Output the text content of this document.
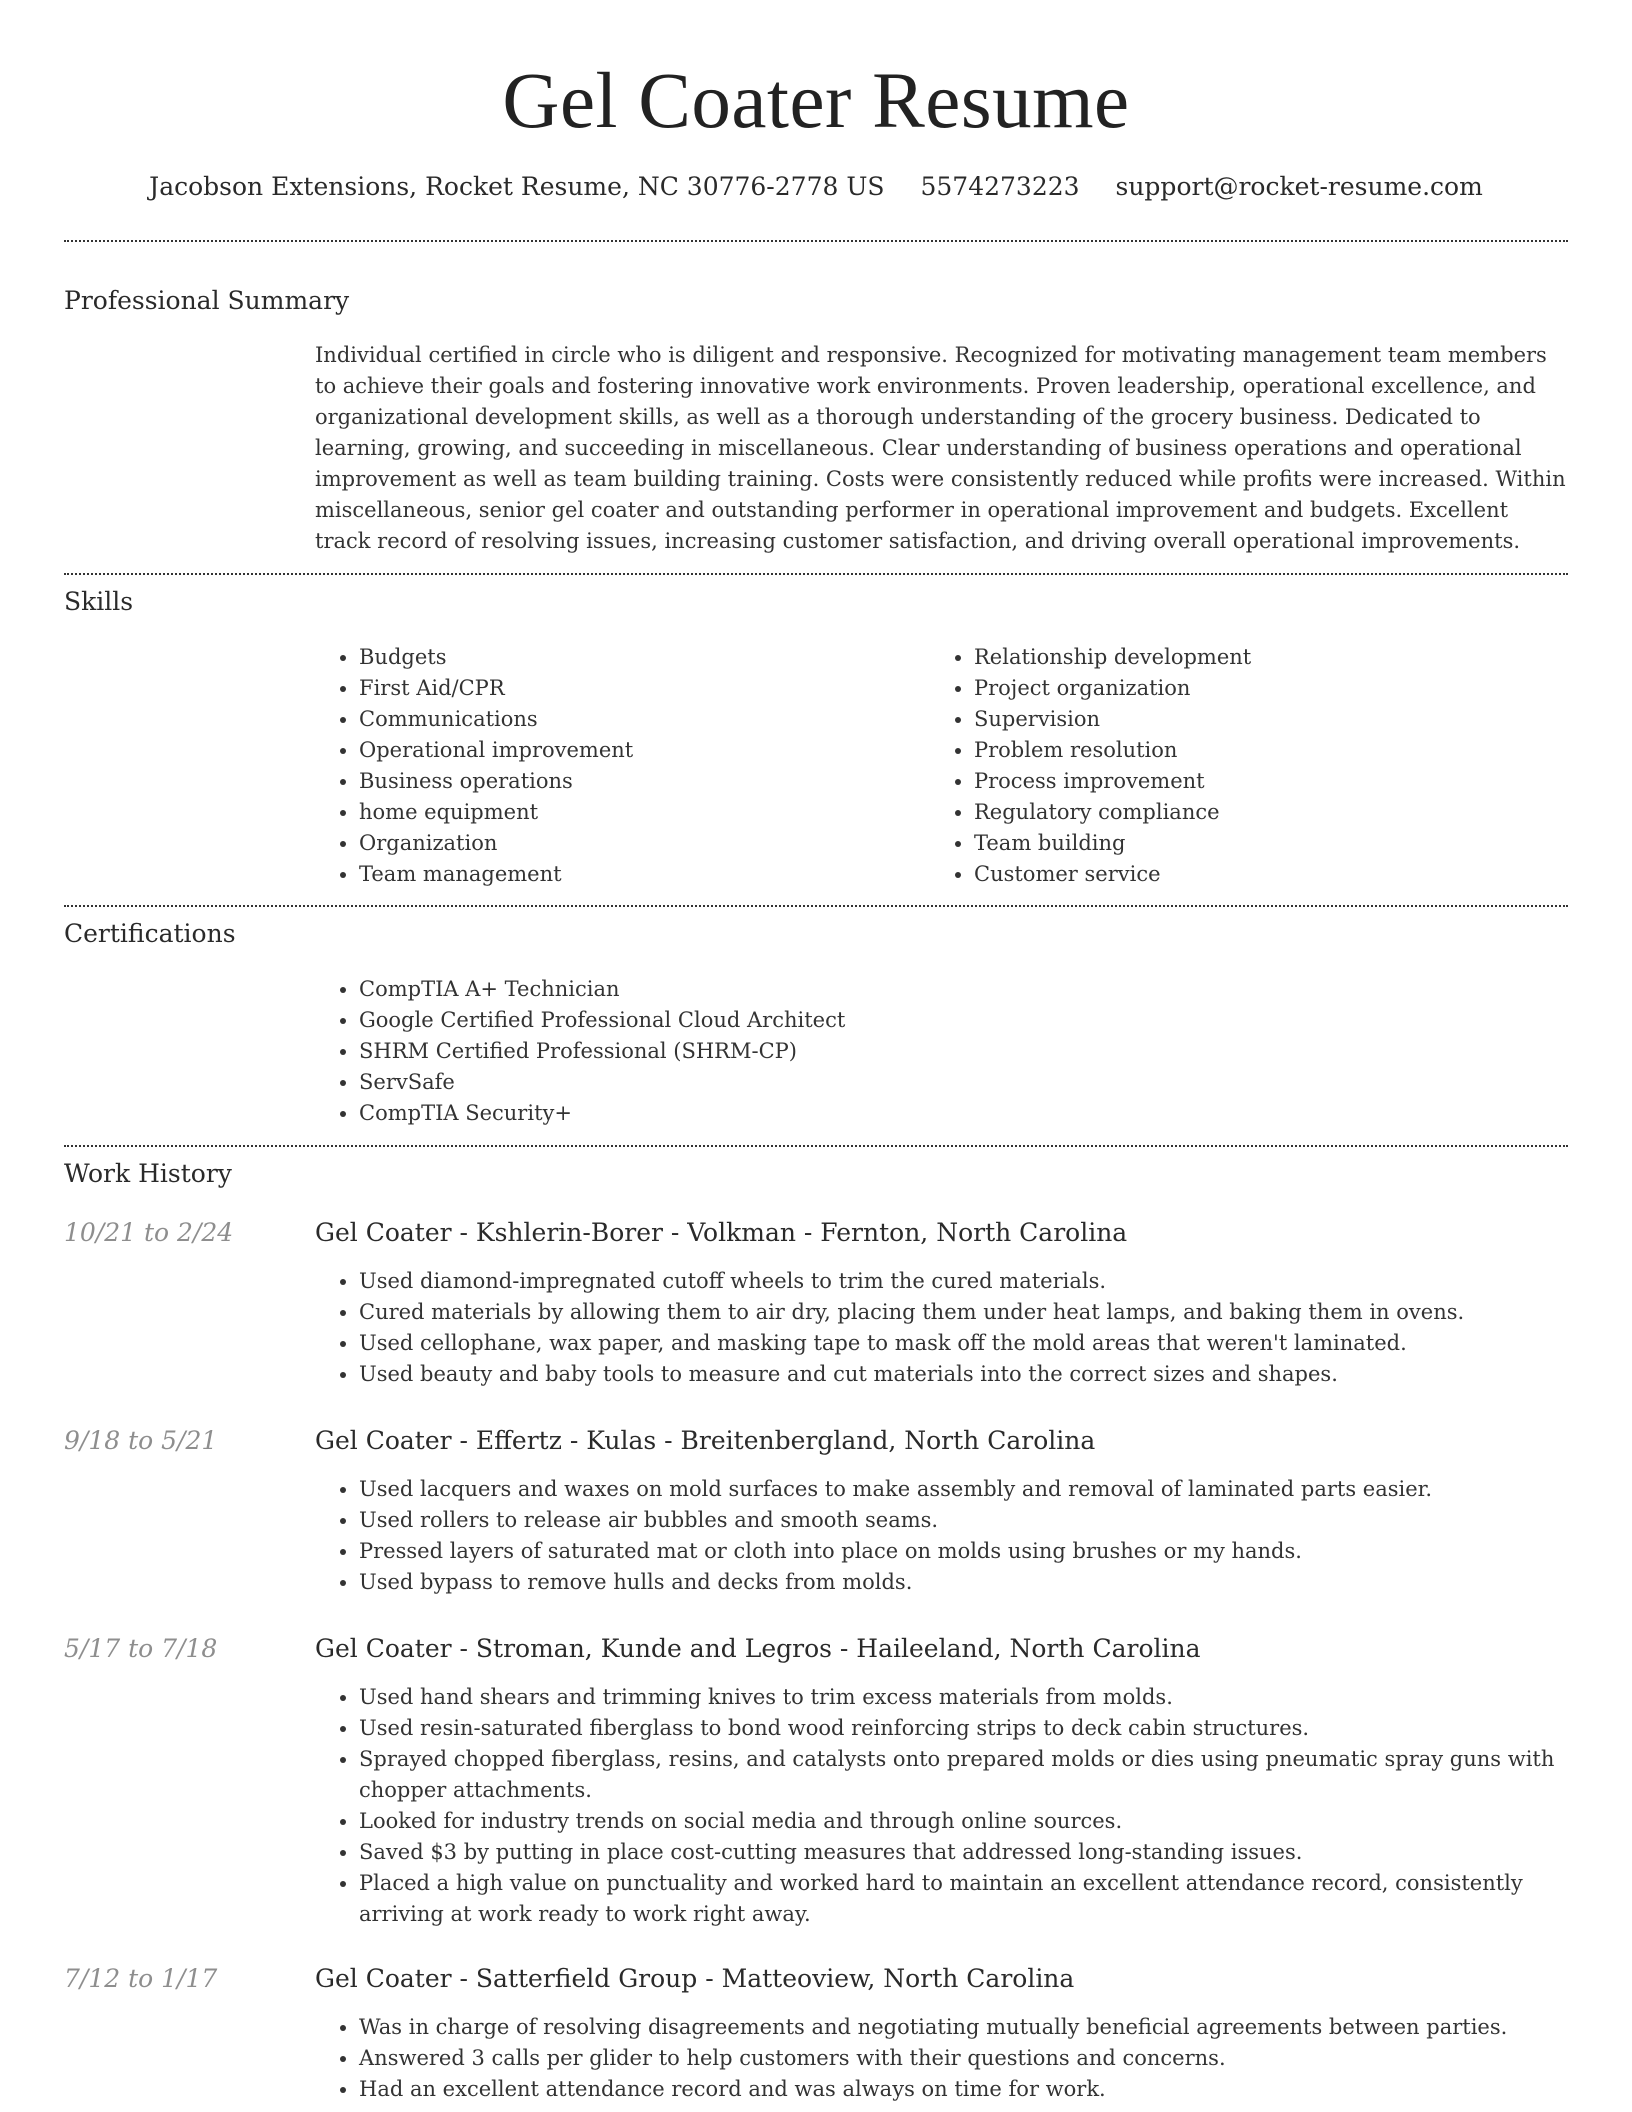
Gel Coater Resume
Jacobson Extensions, Rocket Resume, NC 30776-2778 US 5574273223 support@rocket-resume.com
Professional Summary

Individual certified in circle who is diligent and responsive. Recognized for motivating management team members to achieve their goals and fostering innovative work environments. Proven leadership, operational excellence, and organizational development skills, as well as a thorough understanding of the grocery business. Dedicated to learning, growing, and succeeding in miscellaneous. Clear understanding of business operations and operational improvement as well as team building training. Costs were consistently reduced while profits were increased. Within miscellaneous, senior gel coater and outstanding performer in operational improvement and budgets. Excellent track record of resolving issues, increasing customer satisfaction, and driving overall operational improvements.

Skills
• Budgets
• First Aid/CPR
• Communications
• Operational improvement
• Business operations
• home equipment
• Organization
• Team management
• Relationship development
• Project organization
• Supervision
• Problem resolution
• Process improvement
• Regulatory compliance
• Team building
• Customer service
Certifications
• CompTIA A+ Technician
• Google Certified Professional Cloud Architect
• SHRM Certified Professional (SHRM-CP)
• ServSafe
• CompTIA Security+
Work History
10/21 to 2/24	Gel Coater - Kshlerin-Borer - Volkman - Fernton, North Carolina
• Used diamond-impregnated cutoff wheels to trim the cured materials.
• Cured materials by allowing them to air dry, placing them under heat lamps, and baking them in ovens.
• Used cellophane, wax paper, and masking tape to mask off the mold areas that weren't laminated.
• Used beauty and baby tools to measure and cut materials into the correct sizes and shapes.
9/18 to 5/21	Gel Coater - Effertz - Kulas - Breitenbergland, North Carolina
• Used lacquers and waxes on mold surfaces to make assembly and removal of laminated parts easier.
• Used rollers to release air bubbles and smooth seams.
• Pressed layers of saturated mat or cloth into place on molds using brushes or my hands.
• Used bypass to remove hulls and decks from molds.
5/17 to 7/18	Gel Coater - Stroman, Kunde and Legros - Haileeland, North Carolina
• Used hand shears and trimming knives to trim excess materials from molds.
• Used resin-saturated fiberglass to bond wood reinforcing strips to deck cabin structures.
• Sprayed chopped fiberglass, resins, and catalysts onto prepared molds or dies using pneumatic spray guns with chopper attachments.
• Looked for industry trends on social media and through online sources.
• Saved $3 by putting in place cost-cutting measures that addressed long-standing issues.
• Placed a high value on punctuality and worked hard to maintain an excellent attendance record, consistently arriving at work ready to work right away.
7/12 to 1/17	Gel Coater - Satterfield Group - Matteoview, North Carolina
• Was in charge of resolving disagreements and negotiating mutually beneficial agreements between parties.
• Answered 3 calls per glider to help customers with their questions and concerns.
• Had an excellent attendance record and was always on time for work.
